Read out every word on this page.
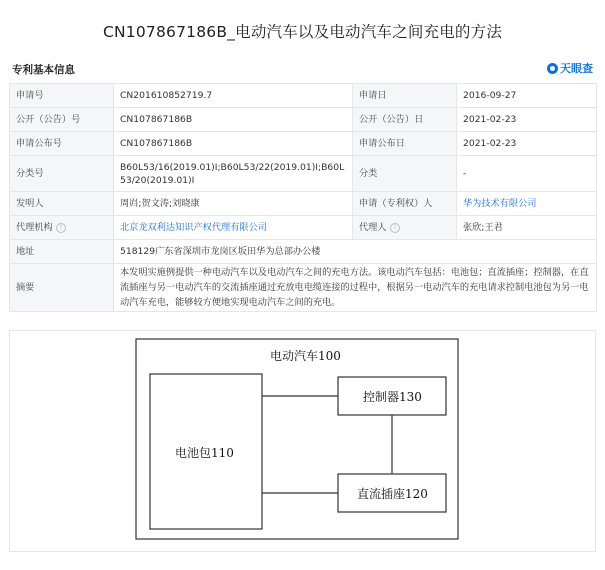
CN107867186B_电动汽车以及电动汽车之间充电的方法
专利基本信息	天眼查
申请号	CN201610852719.7	申请日	2016-09-27
公开（公告）号	CN107867186B	公开（公告）日	2021-02-23
申请公布号	CN107867186B	申请公布日	2021-02-23
分类号	B60L53/16(2019.01)I;B60L53/22(2019.01)I;B60L53/20(2019.01)I	分类	-
发明人	周岿;贺文涛;刘晓康	申请（专利权）人	华为技术有限公司
代理机构 ?	北京龙双利达知识产权代理有限公司	代理人 ?	张欣;王君
地址	518129广东省深圳市龙岗区坂田华为总部办公楼		
摘要	本发明实施例提供一种电动汽车以及电动汽车之间的充电方法。该电动汽车包括：电池包；直流插座；控制器，在直流插座与另一电动汽车的交流插座通过充放电电缆连接的过程中，根据另一电动汽车的充电请求控制电池包为另一电动汽车充电，能够较方便地实现电动汽车之间的充电。		
电动汽车100
电池包110
控制器130
直流插座120
